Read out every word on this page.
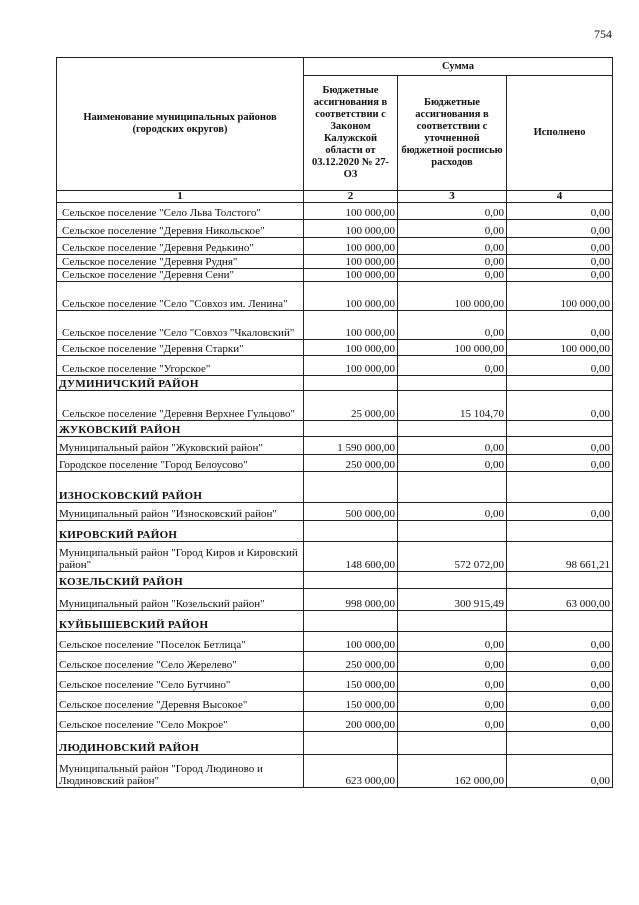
754
Наименование муниципальных районов (городских округов)	Сумма		
	Бюджетные ассигнования в соответствии с Законом Калужской области от 03.12.2020 № 27-ОЗ	Бюджетные ассигнования в соответствии с уточненной бюджетной росписью расходов	Исполнено
1	2	3	4
Сельское поселение "Село Льва Толстого"	100 000,00	0,00	0,00
Сельское поселение "Деревня Никольское"	100 000,00	0,00	0,00
Сельское поселение "Деревня Редькино"	100 000,00	0,00	0,00
Сельское поселение "Деревня Рудня"	100 000,00	0,00	0,00
Сельское поселение "Деревня Сени"	100 000,00	0,00	0,00
Сельское поселение "Село "Совхоз им. Ленина"	100 000,00	100 000,00	100 000,00
Сельское поселение "Село "Совхоз "Чкаловский"	100 000,00	0,00	0,00
Сельское поселение "Деревня Старки"	100 000,00	100 000,00	100 000,00
Сельское поселение "Угорское"	100 000,00	0,00	0,00
ДУМИНИЧСКИЙ РАЙОН			
Сельское поселение "Деревня Верхнее Гульцово"	25 000,00	15 104,70	0,00
ЖУКОВСКИЙ РАЙОН			
Муниципальный район "Жуковский район"	1 590 000,00	0,00	0,00
Городское поселение "Город Белоусово"	250 000,00	0,00	0,00
ИЗНОСКОВСКИЙ РАЙОН			
Муниципальный район "Износковский район"	500 000,00	0,00	0,00
КИРОВСКИЙ РАЙОН			
Муниципальный район "Город Киров и Кировский район"	148 600,00	572 072,00	98 661,21
КОЗЕЛЬСКИЙ РАЙОН			
Муниципальный район "Козельский район"	998 000,00	300 915,49	63 000,00
КУЙБЫШЕВСКИЙ РАЙОН			
Сельское поселение "Поселок Бетлица"	100 000,00	0,00	0,00
Сельское поселение "Село Жерелево"	250 000,00	0,00	0,00
Сельское поселение "Село Бутчино"	150 000,00	0,00	0,00
Сельское поселение "Деревня Высокое"	150 000,00	0,00	0,00
Сельское поселение "Село Мокрое"	200 000,00	0,00	0,00
ЛЮДИНОВСКИЙ РАЙОН			
Муниципальный район "Город Людиново и Людиновский район"	623 000,00	162 000,00	0,00
